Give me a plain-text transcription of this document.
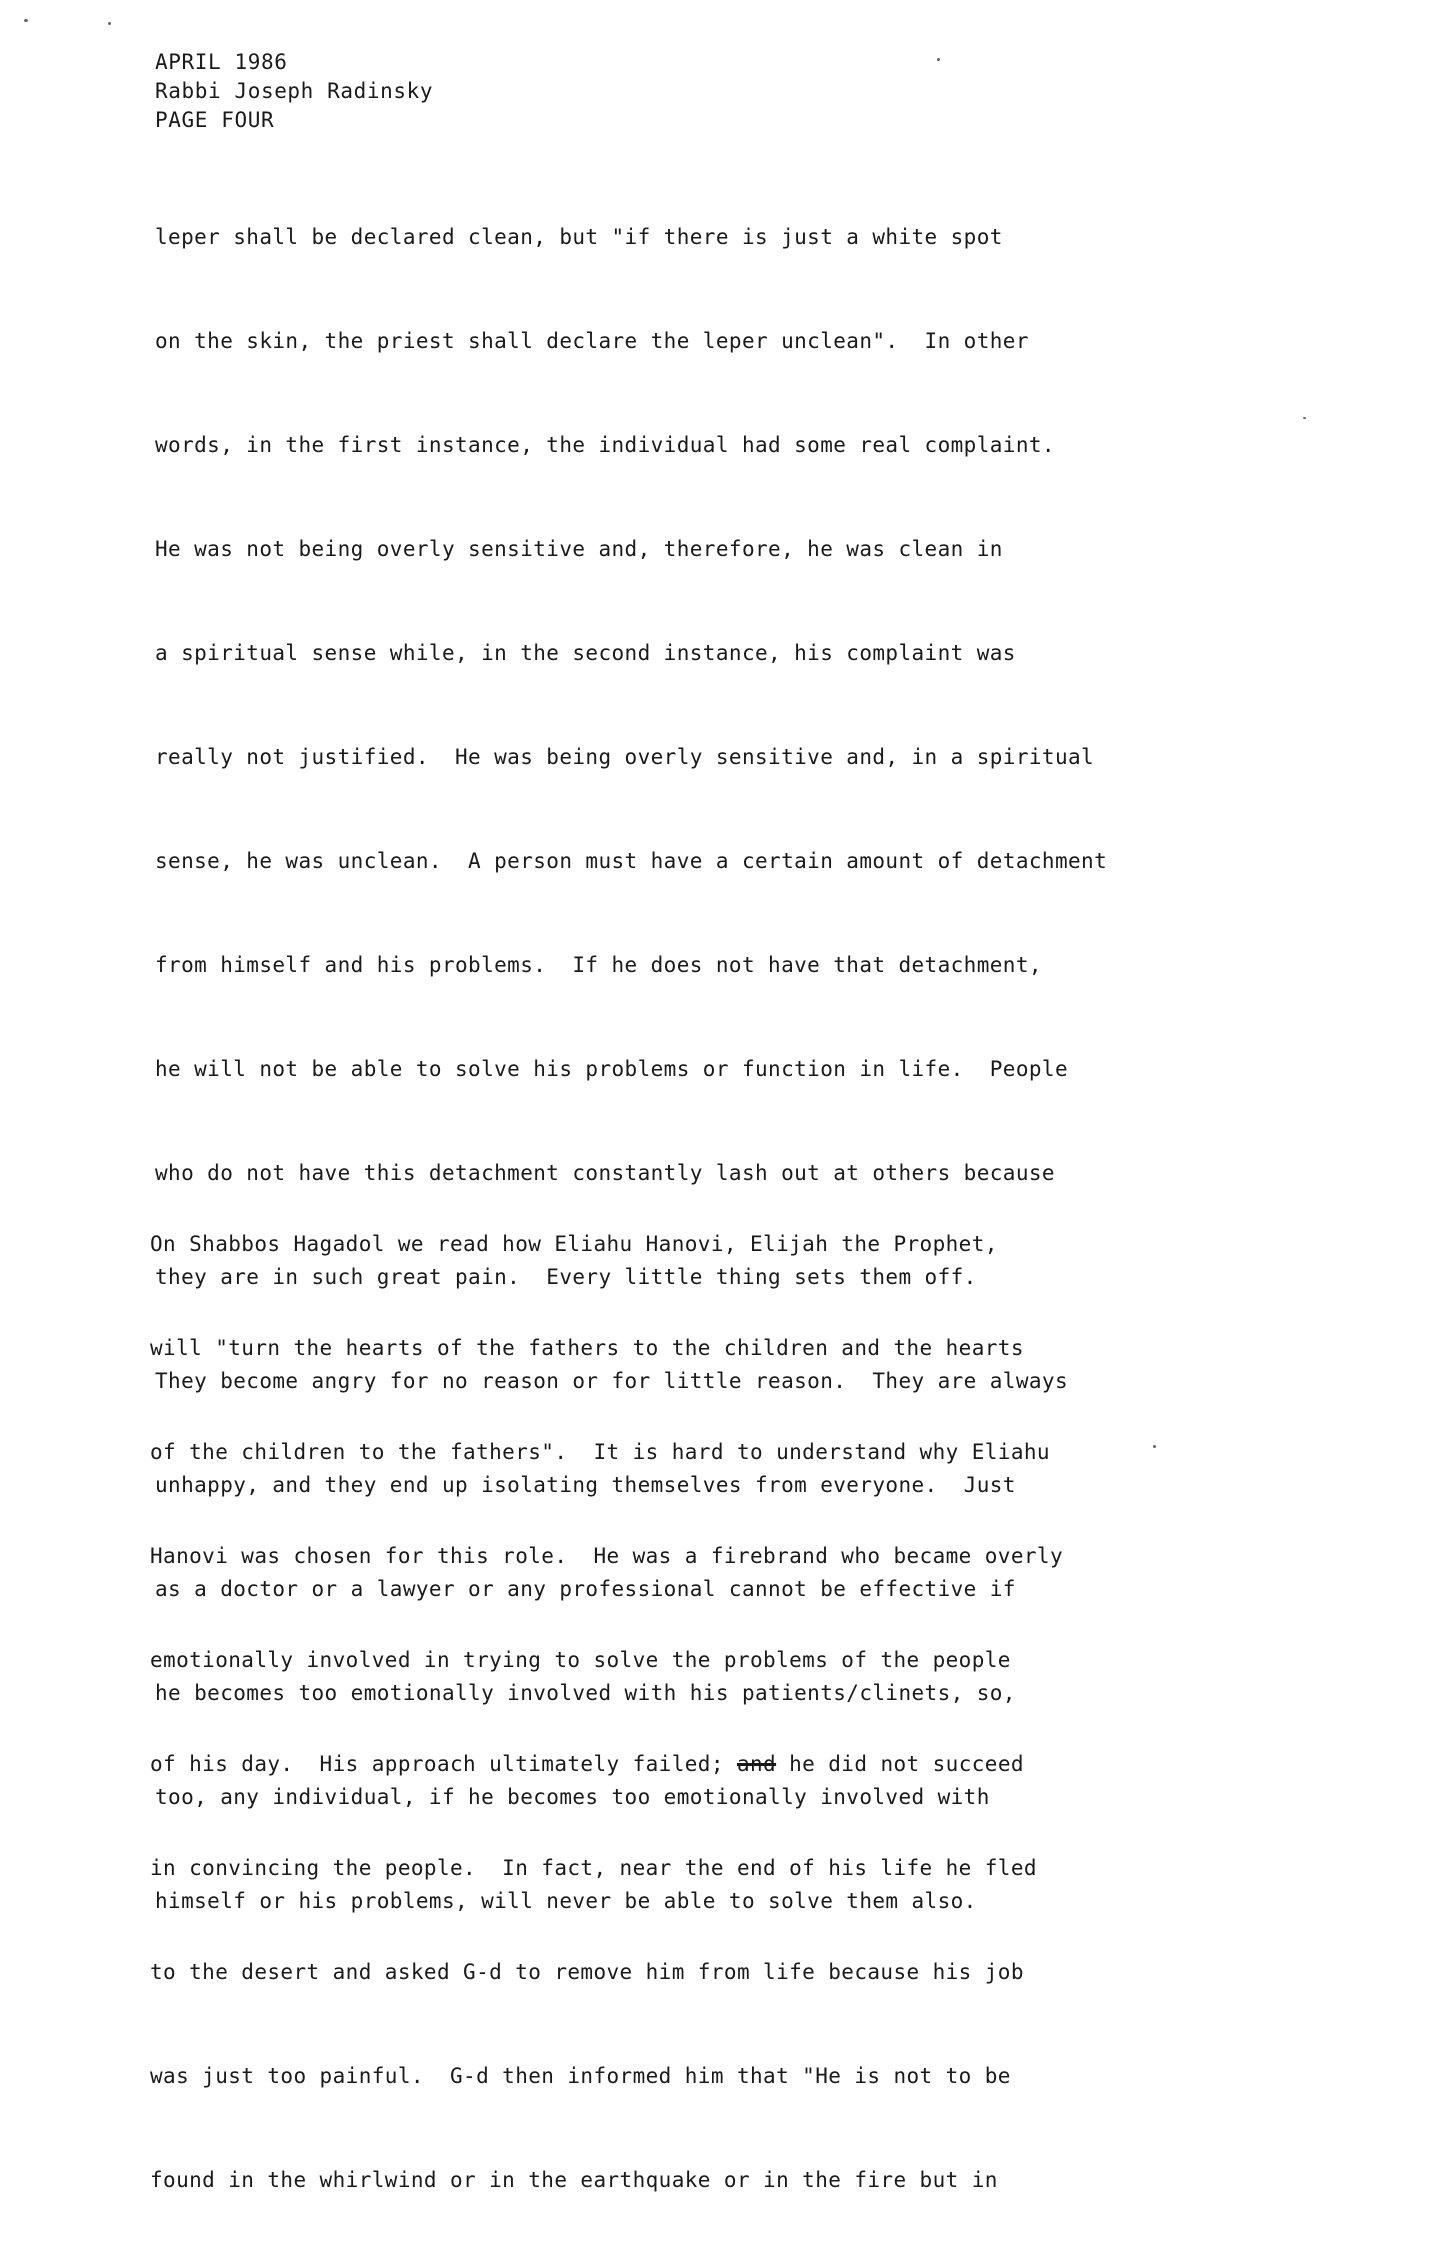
APRIL 1986
Rabbi Joseph Radinsky
PAGE FOUR

leper shall be declared clean, but "if there is just a white spot

on the skin, the priest shall declare the leper unclean".  In other

words, in the first instance, the individual had some real complaint.

He was not being overly sensitive and, therefore, he was clean in

a spiritual sense while, in the second instance, his complaint was

really not justified.  He was being overly sensitive and, in a spiritual

sense, he was unclean.  A person must have a certain amount of detachment

from himself and his problems.  If he does not have that detachment,

he will not be able to solve his problems or function in life.  People

who do not have this detachment constantly lash out at others because

they are in such great pain.  Every little thing sets them off.

They become angry for no reason or for little reason.  They are always

unhappy, and they end up isolating themselves from everyone.  Just

as a doctor or a lawyer or any professional cannot be effective if

he becomes too emotionally involved with his patients/clinets, so,

too, any individual, if he becomes too emotionally involved with

himself or his problems, will never be able to solve them also.

On Shabbos Hagadol we read how Eliahu Hanovi, Elijah the Prophet,

will "turn the hearts of the fathers to the children and the hearts

of the children to the fathers".  It is hard to understand why Eliahu

Hanovi was chosen for this role.  He was a firebrand who became overly

emotionally involved in trying to solve the problems of the people

of his day.  His approach ultimately failed; and he did not succeed

in convincing the people.  In fact, near the end of his life he fled

to the desert and asked G-d to remove him from life because his job

was just too painful.  G-d then informed him that "He is not to be

found in the whirlwind or in the earthquake or in the fire but in
